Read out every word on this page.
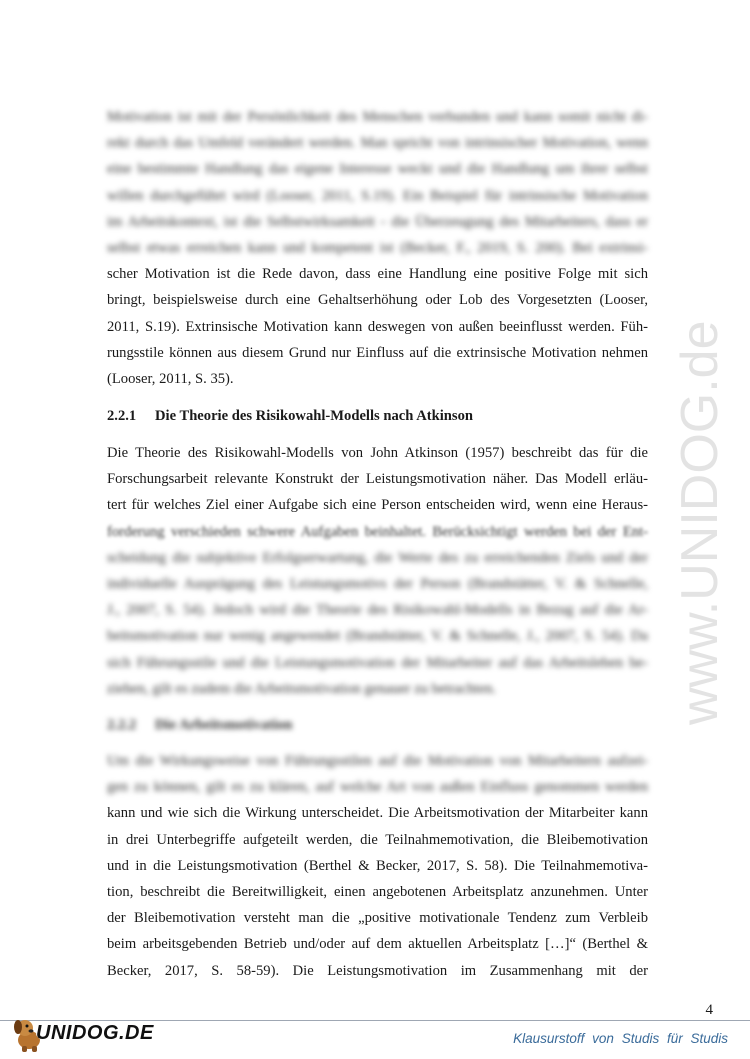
Motivation ist mit der Persönlichkeit des Menschen verbunden und kann somit nicht di-
rekt durch das Umfeld verändert werden. Man spricht von intrinsischer Motivation, wenn
eine bestimmte Handlung das eigene Interesse weckt und die Handlung um ihrer selbst
willen durchgeführt wird (Looser, 2011, S.19). Ein Beispiel für intrinsische Motivation
im Arbeitskontext, ist die Selbstwirksamkeit - die Überzeugung des Mitarbeiters, dass er
selbst etwas erreichen kann und kompetent ist (Becker, F., 2019, S. 200). Bei extrinsi-
scher Motivation ist die Rede davon, dass eine Handlung eine positive Folge mit sich
bringt, beispielsweise durch eine Gehaltserhöhung oder Lob des Vorgesetzten (Looser,
2011, S.19). Extrinsische Motivation kann deswegen von außen beeinflusst werden. Füh-
rungsstile können aus diesem Grund nur Einfluss auf die extrinsische Motivation nehmen
(Looser, 2011, S. 35).
2.2.1 Die Theorie des Risikowahl-Modells nach Atkinson
Die Theorie des Risikowahl-Modells von John Atkinson (1957) beschreibt das für die
Forschungsarbeit relevante Konstrukt der Leistungsmotivation näher. Das Modell erläu-
tert für welches Ziel einer Aufgabe sich eine Person entscheiden wird, wenn eine Heraus-
forderung verschieden schwere Aufgaben beinhaltet. Berücksichtigt werden bei der Ent-
scheidung die subjektive Erfolgserwartung, die Werte des zu erreichenden Ziels und der
individuelle Ausprägung des Leistungsmotivs der Person (Brandstätter, V. & Schnelle,
J., 2007, S. 54). Jedoch wird die Theorie des Risikowahl-Modells in Bezug auf die Ar-
beitsmotivation nur wenig angewendet (Brandstätter, V. & Schnelle, J., 2007, S. 54). Da
sich Führungsstile und die Leistungsmotivation der Mitarbeiter auf das Arbeitsleben be-
ziehen, gilt es zudem die Arbeitsmotivation genauer zu betrachten.
2.2.2 Die Arbeitsmotivation
Um die Wirkungsweise von Führungsstilen auf die Motivation von Mitarbeitern aufzei-
gen zu können, gilt es zu klären, auf welche Art von außen Einfluss genommen werden
kann und wie sich die Wirkung unterscheidet. Die Arbeitsmotivation der Mitarbeiter kann
in drei Unterbegriffe aufgeteilt werden, die Teilnahmemotivation, die Bleibemotivation
und in die Leistungsmotivation (Berthel & Becker, 2017, S. 58). Die Teilnahmemotiva-
tion, beschreibt die Bereitwilligkeit, einen angebotenen Arbeitsplatz anzunehmen. Unter
der Bleibemotivation versteht man die „positive motivationale Tendenz zum Verbleib
beim arbeitsgebenden Betrieb und/oder auf dem aktuellen Arbeitsplatz […]“ (Berthel &
Becker, 2017, S. 58-59). Die Leistungsmotivation im Zusammenhang mit der
www.UNIDOG.de
4
UNIDOG.DE	Klausurstoff von Studis für Studis
